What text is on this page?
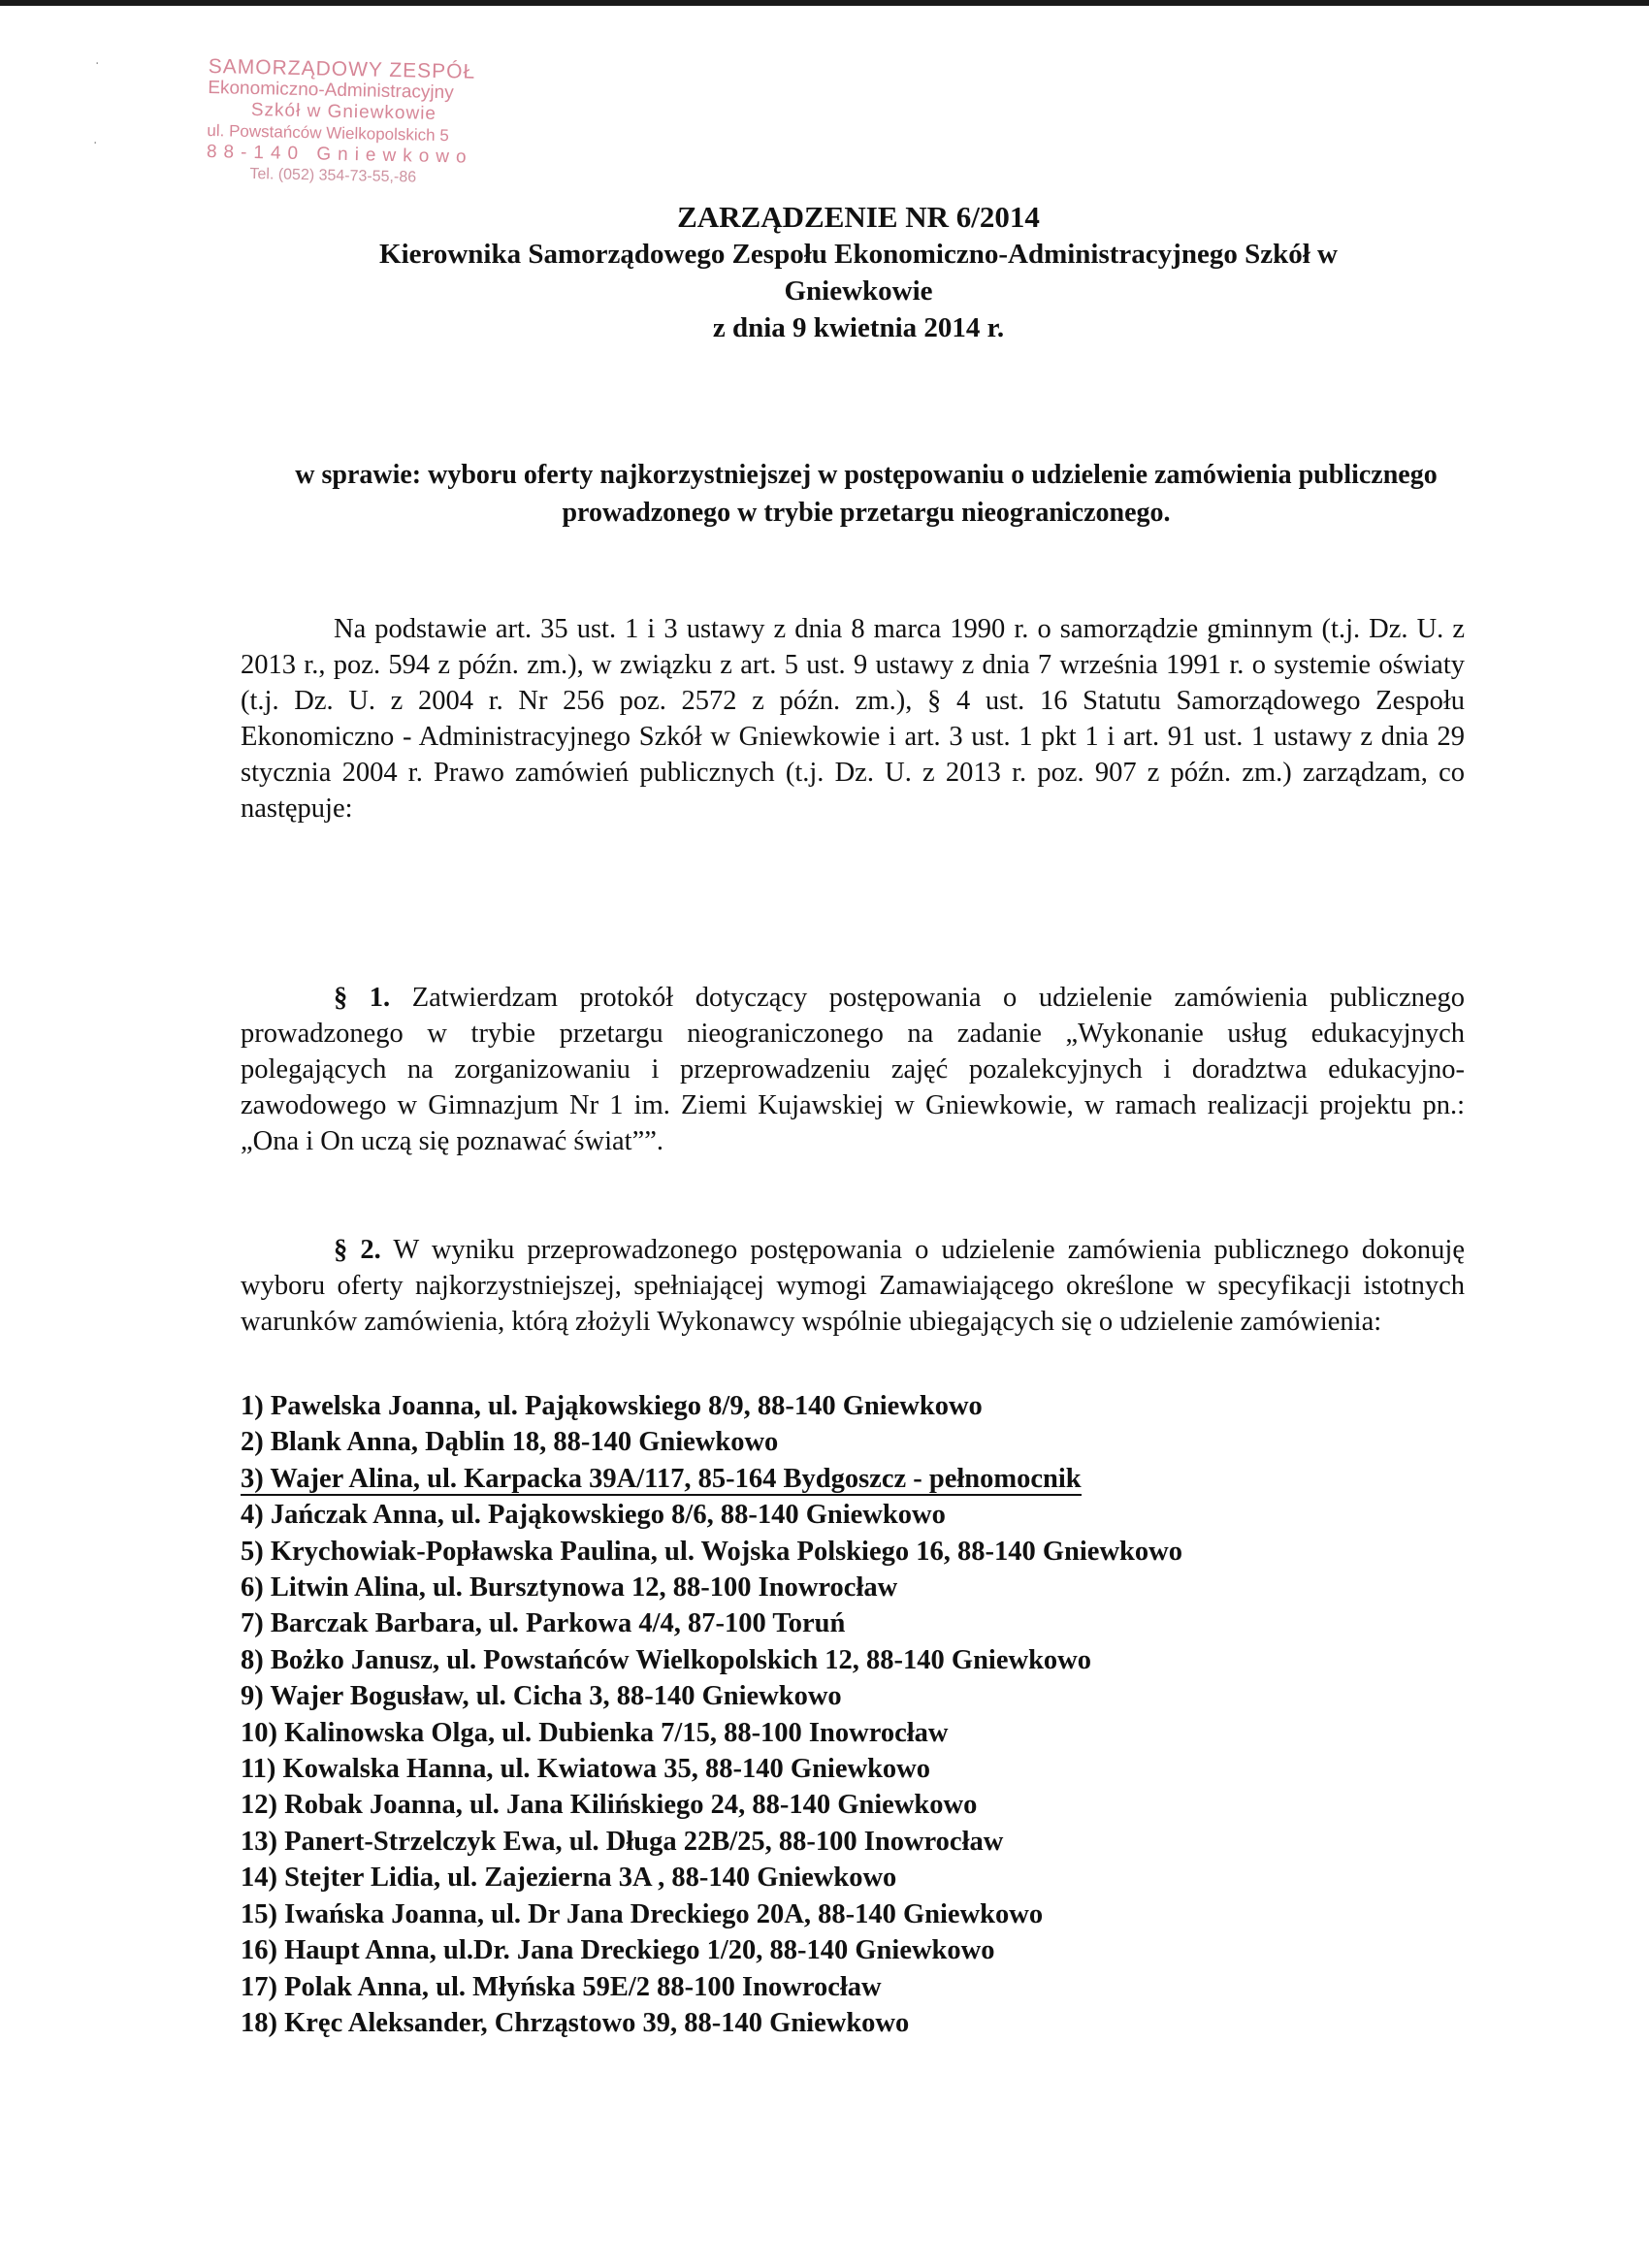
·
·
SAMORZĄDOWY ZESPÓŁ
Ekonomiczno-Administracyjny
Szkół w Gniewkowie
ul. Powstańców Wielkopolskich 5
88-140 Gniewkowo
Tel. (052) 354-73-55,-86
ZARZĄDZENIE NR 6/2014
Kierownika Samorządowego Zespołu Ekonomiczno-Administracyjnego Szkół w
Gniewkowie
z dnia 9 kwietnia 2014 r.
w sprawie: wyboru oferty najkorzystniejszej w postępowaniu o udzielenie zamówienia publicznego prowadzonego w trybie przetargu nieograniczonego.
Na podstawie art. 35 ust. 1 i 3 ustawy z dnia 8 marca 1990 r. o samorządzie gminnym (t.j. Dz. U. z 2013 r., poz. 594 z późn. zm.), w związku z art. 5 ust. 9 ustawy z dnia 7 września 1991 r. o systemie oświaty (t.j. Dz. U. z 2004 r. Nr 256 poz. 2572 z późn. zm.), § 4 ust. 16 Statutu Samorządowego Zespołu Ekonomiczno - Administracyjnego Szkół w Gniewkowie i art. 3 ust. 1 pkt 1 i art. 91 ust. 1 ustawy z dnia 29 stycznia 2004 r. Prawo zamówień publicznych (t.j. Dz. U. z 2013 r. poz. 907 z późn. zm.) zarządzam, co następuje:
§ 1. Zatwierdzam protokół dotyczący postępowania o udzielenie zamówienia publicznego prowadzonego w trybie przetargu nieograniczonego na zadanie „Wykonanie usług edukacyjnych polegających na zorganizowaniu i przeprowadzeniu zajęć pozalekcyjnych i doradztwa edukacyjno-zawodowego w Gimnazjum Nr 1 im. Ziemi Kujawskiej w Gniewkowie, w ramach realizacji projektu pn.: „Ona i On uczą się poznawać świat””.
§ 2. W wyniku przeprowadzonego postępowania o udzielenie zamówienia publicznego dokonuję wyboru oferty najkorzystniejszej, spełniającej wymogi Zamawiającego określone w specyfikacji istotnych warunków zamówienia, którą złożyli Wykonawcy wspólnie ubiegających się o udzielenie zamówienia:
1) Pawelska Joanna, ul. Pająkowskiego 8/9, 88-140 Gniewkowo
2) Blank Anna, Dąblin 18, 88-140 Gniewkowo
3) Wajer Alina, ul. Karpacka 39A/117, 85-164 Bydgoszcz - pełnomocnik
4) Jańczak Anna, ul. Pająkowskiego 8/6, 88-140 Gniewkowo
5) Krychowiak-Popławska Paulina, ul. Wojska Polskiego 16, 88-140 Gniewkowo
6) Litwin Alina, ul. Bursztynowa 12, 88-100 Inowrocław
7) Barczak Barbara, ul. Parkowa 4/4, 87-100 Toruń
8) Bożko Janusz, ul. Powstańców Wielkopolskich 12, 88-140 Gniewkowo
9) Wajer Bogusław, ul. Cicha 3, 88-140 Gniewkowo
10) Kalinowska Olga, ul. Dubienka 7/15, 88-100 Inowrocław
11) Kowalska Hanna, ul. Kwiatowa 35, 88-140 Gniewkowo
12) Robak Joanna, ul. Jana Kilińskiego 24, 88-140 Gniewkowo
13) Panert-Strzelczyk Ewa, ul. Długa 22B/25, 88-100 Inowrocław
14) Stejter Lidia, ul. Zajezierna 3A , 88-140 Gniewkowo
15) Iwańska Joanna, ul. Dr Jana Dreckiego 20A, 88-140 Gniewkowo
16) Haupt Anna, ul.Dr. Jana Dreckiego 1/20, 88-140 Gniewkowo
17) Polak Anna, ul. Młyńska 59E/2 88-100 Inowrocław
18) Kręc Aleksander, Chrząstowo 39, 88-140 Gniewkowo
